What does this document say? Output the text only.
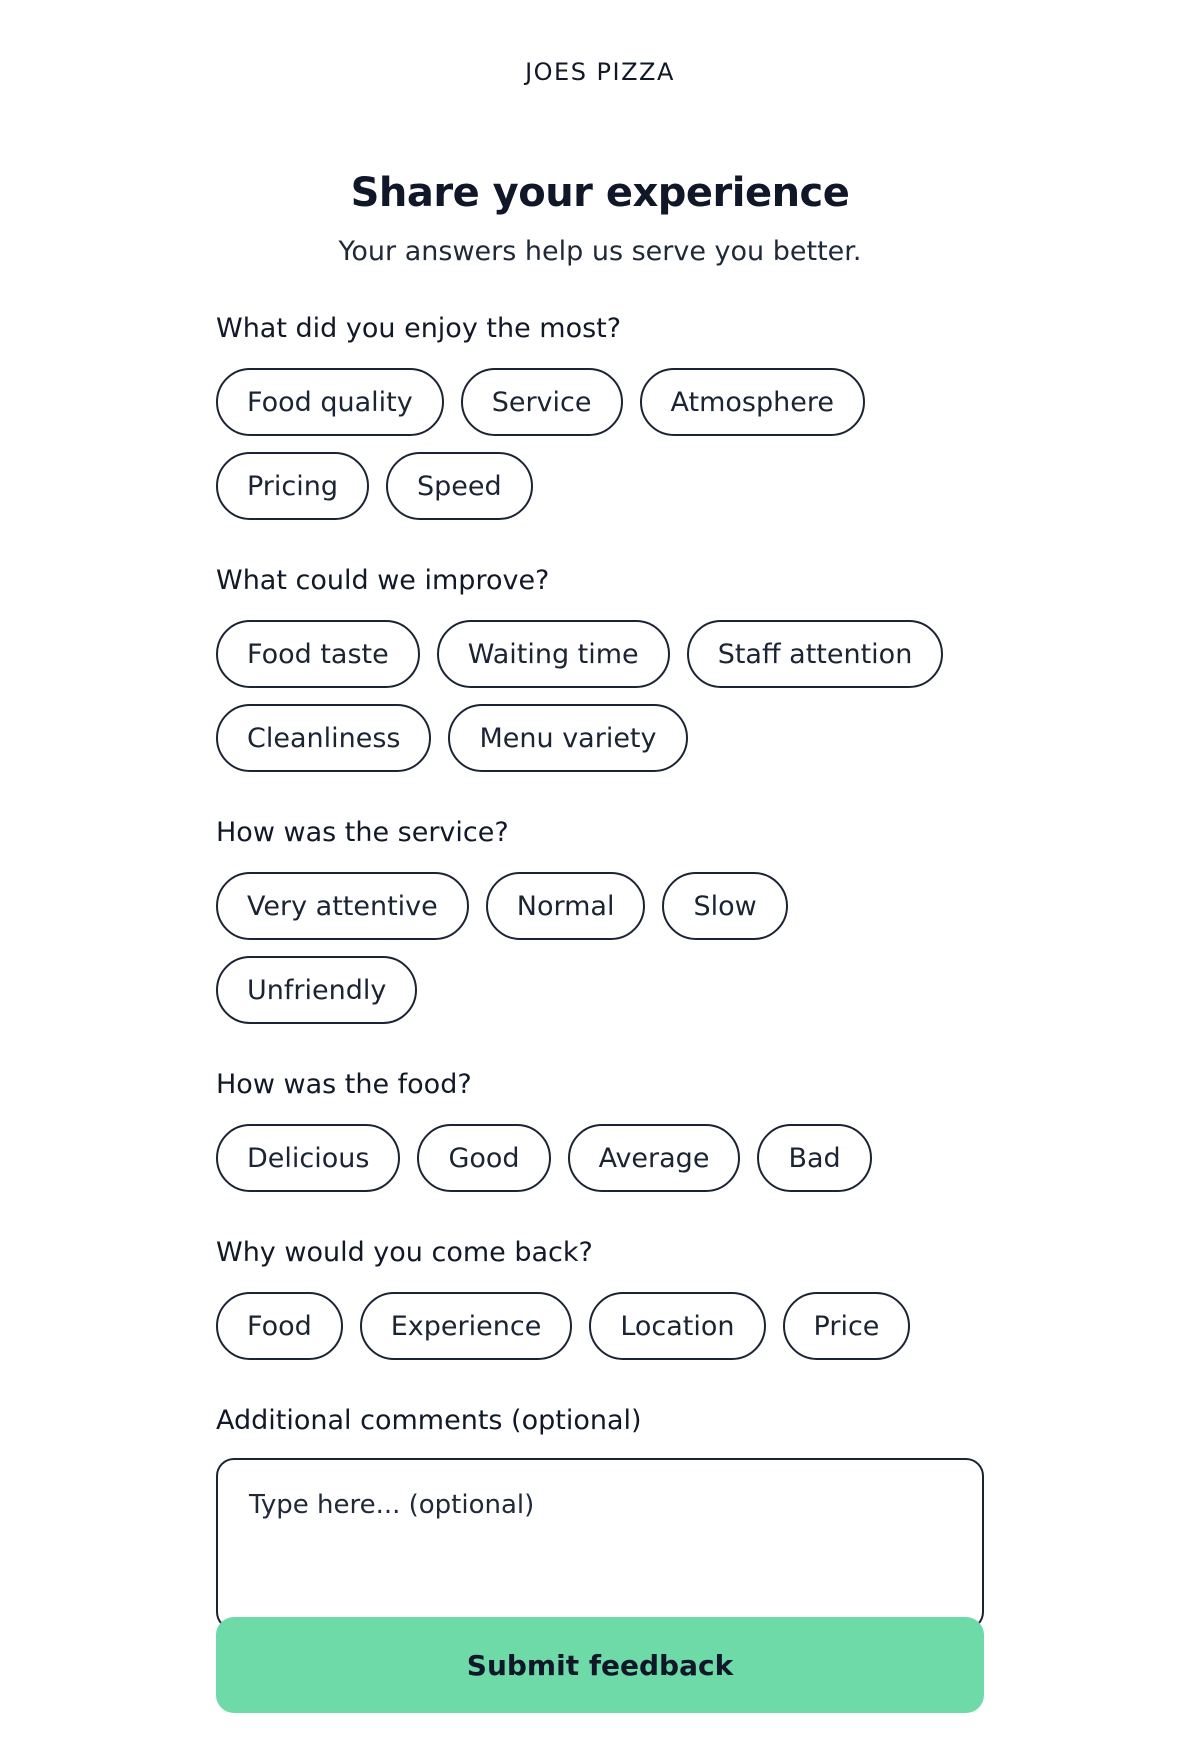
JOES PIZZA
Share your experience
Your answers help us serve you better.
What did you enjoy the most?
Food quality	Service	Atmosphere
Pricing	Speed
What could we improve?
Food taste	Waiting time	Staff attention
Cleanliness	Menu variety
How was the service?
Very attentive	Normal	Slow
Unfriendly
How was the food?
Delicious	Good	Average	Bad
Why would you come back?
Food	Experience	Location	Price
Additional comments (optional)
Type here... (optional)
Submit feedback
